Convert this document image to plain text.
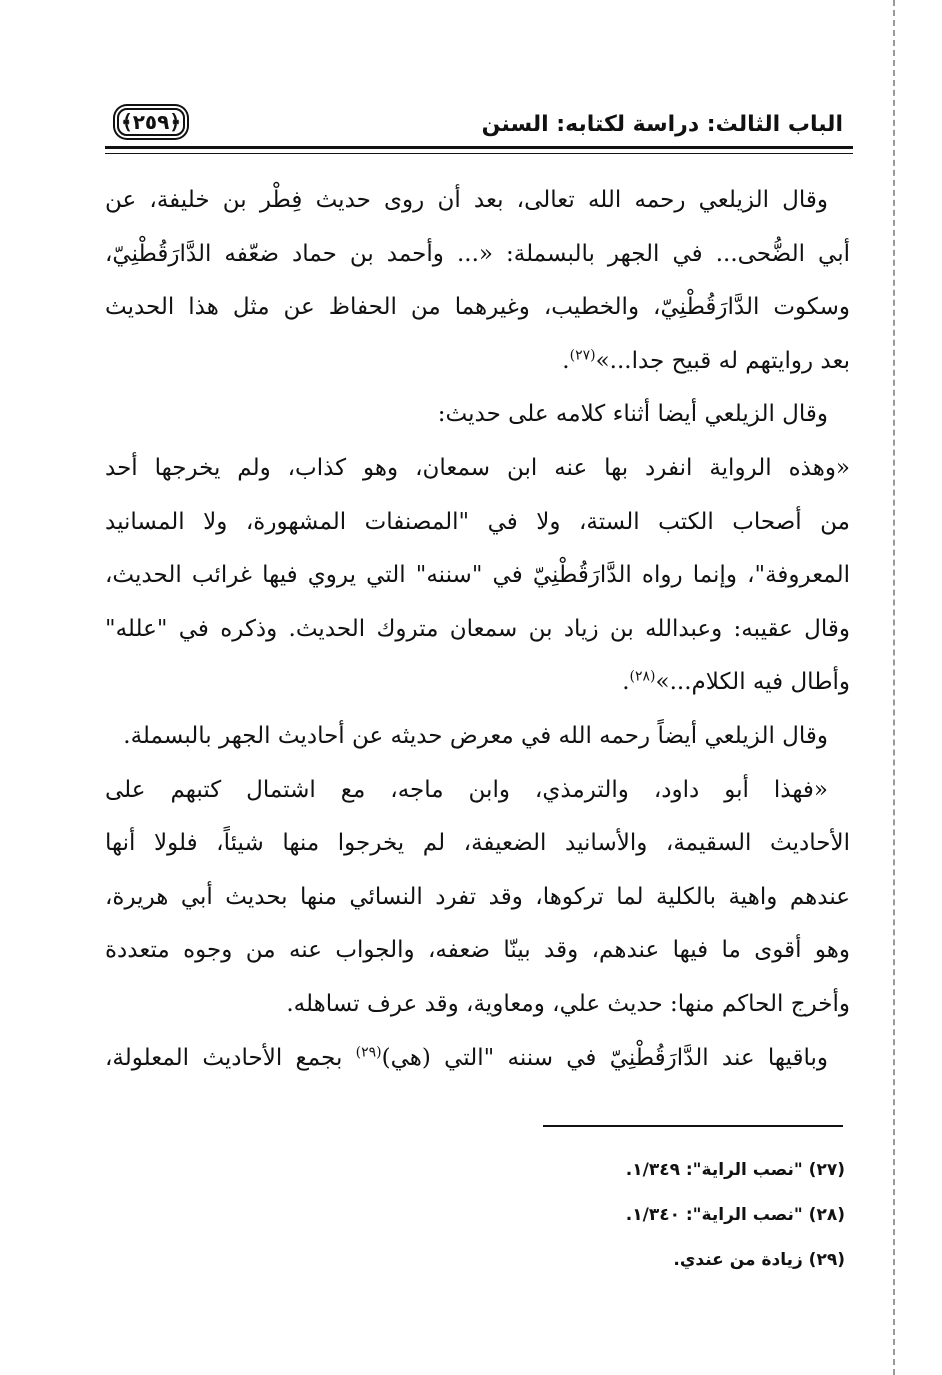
﴿٢٥٩﴾	الباب الثالث: دراسة لكتابه: السنن
وقال الزيلعي رحمه الله تعالى، بعد أن روى حديث فِطْر بن خليفة، عن
أبي الضُّحى... في الجهر بالبسملة: «... وأحمد بن حماد ضعّفه الدَّارَقُطْنِيّ،
وسكوت الدَّارَقُطْنِيّ، والخطيب، وغيرهما من الحفاظ عن مثل هذا الحديث
بعد روايتهم له قبيح جدا...»$^{(٢٧)}$.
وقال الزيلعي أيضا أثناء كلامه على حديث:
«وهذه الرواية انفرد بها عنه ابن سمعان، وهو كذاب، ولم يخرجها أحد
من أصحاب الكتب الستة، ولا في "المصنفات المشهورة، ولا المسانيد
المعروفة"، وإنما رواه الدَّارَقُطْنِيّ في "سننه" التي يروي فيها غرائب الحديث،
وقال عقيبه: وعبدالله بن زياد بن سمعان متروك الحديث. وذكره في "علله"
وأطال فيه الكلام...»$^{(٢٨)}$.
وقال الزيلعي أيضاً رحمه الله في معرض حديثه عن أحاديث الجهر بالبسملة.
«فهذا أبو داود، والترمذي، وابن ماجه، مع اشتمال كتبهم على
الأحاديث السقيمة، والأسانيد الضعيفة، لم يخرجوا منها شيئاً، فلولا أنها
عندهم واهية بالكلية لما تركوها، وقد تفرد النسائي منها بحديث أبي هريرة،
وهو أقوى ما فيها عندهم، وقد بينّا ضعفه، والجواب عنه من وجوه متعددة
وأخرج الحاكم منها: حديث علي، ومعاوية، وقد عرف تساهله.
وباقيها عند الدَّارَقُطْنِيّ في سننه "التي (هي)$^{(٢٩)}$ بجمع الأحاديث المعلولة،
(٢٧) "نصب الراية": ١/٣٤٩.
(٢٨) "نصب الراية": ١/٣٤٠.
(٢٩) زيادة من عندي.
